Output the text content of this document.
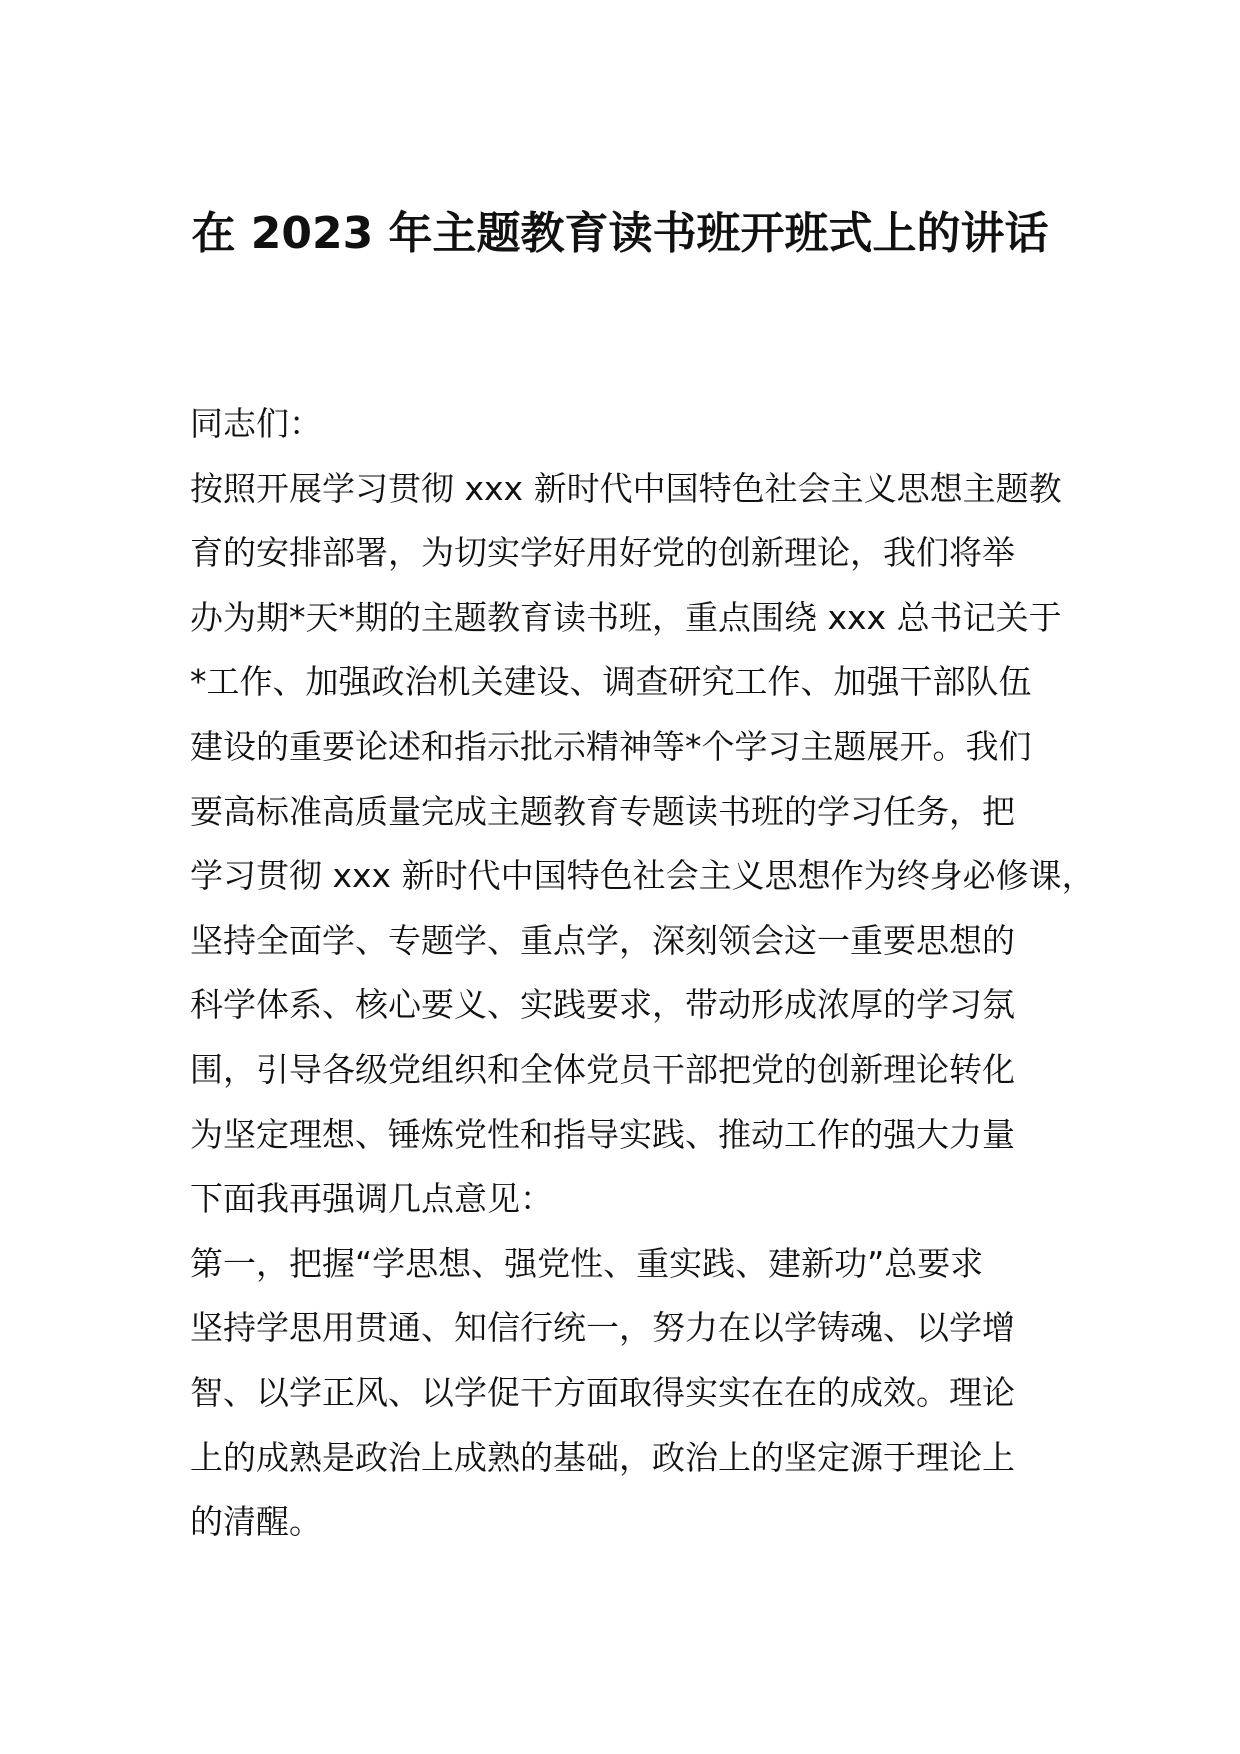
在 2023 年主题教育读书班开班式上的讲话
同志们：
按照开展学习贯彻 xxx 新时代中国特色社会主义思想主题教
育的安排部署，为切实学好用好党的创新理论，我们将举
办为期*天*期的主题教育读书班，重点围绕 xxx 总书记关于
*工作、加强政治机关建设、调查研究工作、加强干部队伍
建设的重要论述和指示批示精神等*个学习主题展开。我们
要高标准高质量完成主题教育专题读书班的学习任务，把
学习贯彻 xxx 新时代中国特色社会主义思想作为终身必修课，
坚持全面学、专题学、重点学，深刻领会这一重要思想的
科学体系、核心要义、实践要求，带动形成浓厚的学习氛
围，引导各级党组织和全体党员干部把党的创新理论转化
为坚定理想、锤炼党性和指导实践、推动工作的强大力量
下面我再强调几点意见：
第一，把握“学思想、强党性、重实践、建新功”总要求
坚持学思用贯通、知信行统一，努力在以学铸魂、以学增
智、以学正风、以学促干方面取得实实在在的成效。理论
上的成熟是政治上成熟的基础，政治上的坚定源于理论上
的清醒。
